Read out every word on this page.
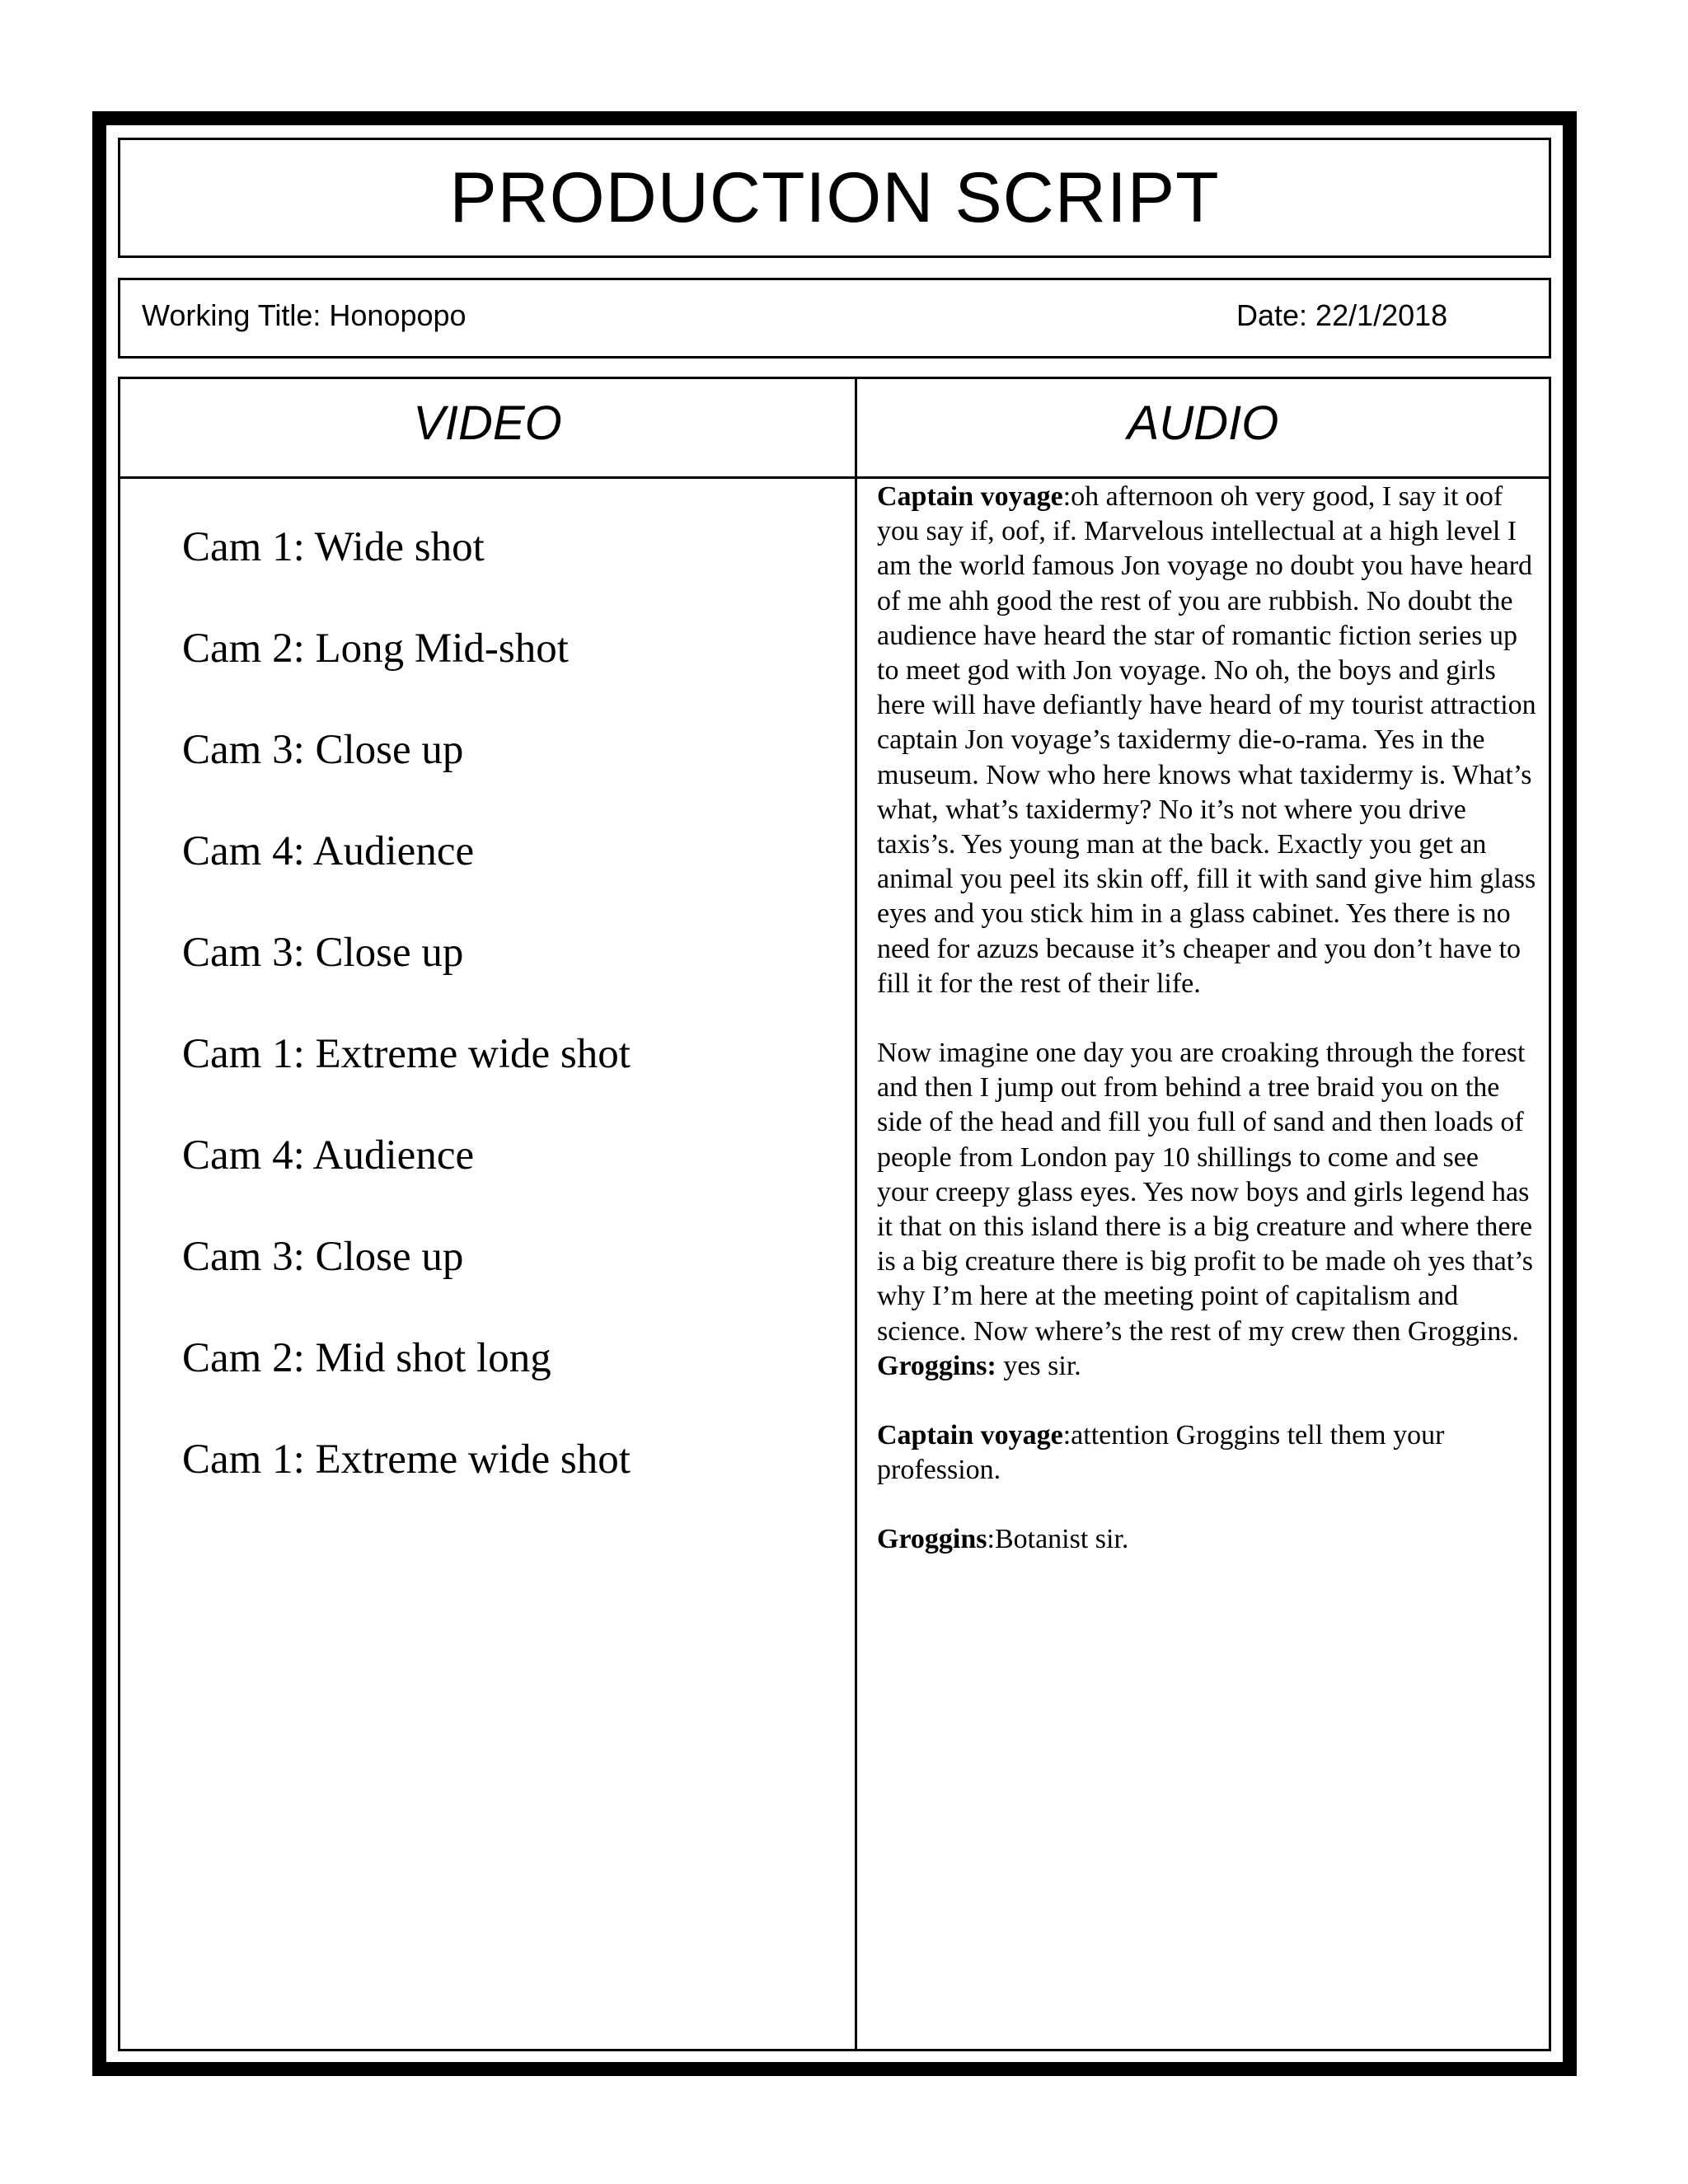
PRODUCTION SCRIPT
Working Title: Honopopo	Date: 22/1/2018
VIDEO	AUDIO
Cam 1: Wide shot
Cam 2: Long Mid-shot
Cam 3: Close up
Cam 4: Audience
Cam 3: Close up
Cam 1: Extreme wide shot
Cam 4: Audience
Cam 3: Close up
Cam 2: Mid shot long
Cam 1: Extreme wide shot

Captain voyage:oh afternoon oh very good, I say it oof you say if, oof, if. Marvelous intellectual at a high level I am the world famous Jon voyage no doubt you have heard of me ahh good the rest of you are rubbish. No doubt the audience have heard the star of romantic fiction series up to meet god with Jon voyage. No oh, the boys and girls here will have defiantly have heard of my tourist attraction captain Jon voyage’s taxidermy die-o-rama. Yes in the museum. Now who here knows what taxidermy is. What’s what, what’s taxidermy? No it’s not where you drive taxis’s. Yes young man at the back. Exactly you get an animal you peel its skin off, fill it with sand give him glass eyes and you stick him in a glass cabinet. Yes there is no need for azuzs because it’s cheaper and you don’t have to fill it for the rest of their life.

Now imagine one day you are croaking through the forest and then I jump out from behind a tree braid you on the side of the head and fill you full of sand and then loads of people from London pay 10 shillings to come and see your creepy glass eyes. Yes now boys and girls legend has it that on this island there is a big creature and where there is a big creature there is big profit to be made oh yes that’s why I’m here at the meeting point of capitalism and science. Now where’s the rest of my crew then Groggins.

Groggins: yes sir.

Captain voyage:attention Groggins tell them your profession.

Groggins:Botanist sir.
